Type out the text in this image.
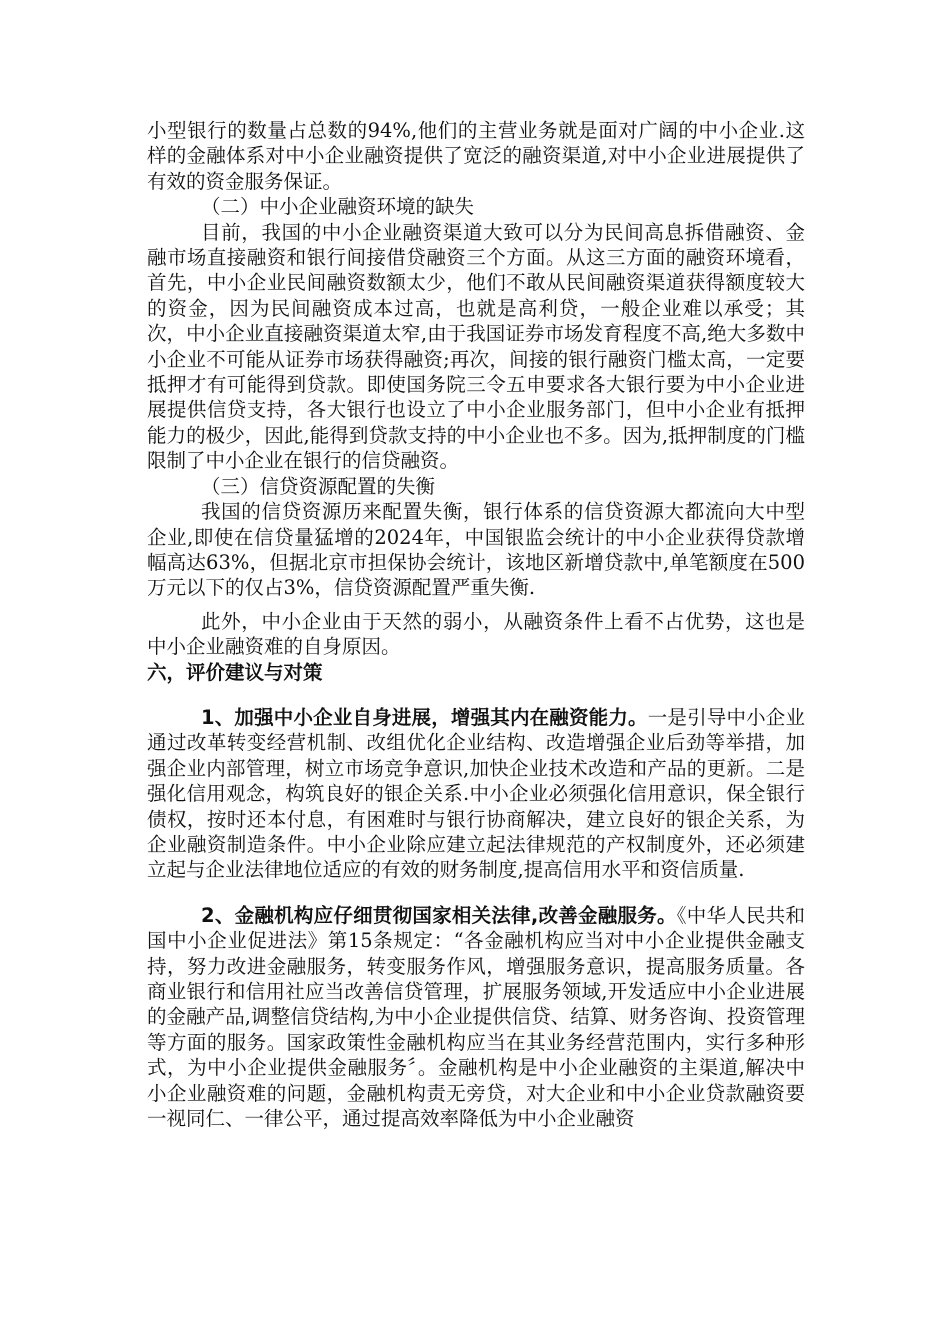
小型银行的数量占总数的94%,他们的主营业务就是面对广阔的中小企业.这样的金融体系对中小企业融资提供了宽泛的融资渠道,对中小企业进展提供了有效的资金服务保证。

（二）中小企业融资环境的缺失

目前，我国的中小企业融资渠道大致可以分为民间高息拆借融资、金融市场直接融资和银行间接借贷融资三个方面。从这三方面的融资环境看，首先，中小企业民间融资数额太少，他们不敢从民间融资渠道获得额度较大的资金，因为民间融资成本过高，也就是高利贷，一般企业难以承受；其次，中小企业直接融资渠道太窄,由于我国证券市场发育程度不高,绝大多数中小企业不可能从证券市场获得融资;再次，间接的银行融资门槛太高，一定要抵押才有可能得到贷款。即使国务院三令五申要求各大银行要为中小企业进展提供信贷支持，各大银行也设立了中小企业服务部门，但中小企业有抵押能力的极少，因此,能得到贷款支持的中小企业也不多。因为,抵押制度的门槛限制了中小企业在银行的信贷融资。

（三）信贷资源配置的失衡

我国的信贷资源历来配置失衡，银行体系的信贷资源大都流向大中型企业,即使在信贷量猛增的2024年，中国银监会统计的中小企业获得贷款增幅高达63%，但据北京市担保协会统计，该地区新增贷款中,单笔额度在500万元以下的仅占3%，信贷资源配置严重失衡.

此外，中小企业由于天然的弱小，从融资条件上看不占优势，这也是中小企业融资难的自身原因。

六，评价建议与对策

1、加强中小企业自身进展，增强其内在融资能力。一是引导中小企业通过改革转变经营机制、改组优化企业结构、改造增强企业后劲等举措，加强企业内部管理，树立市场竞争意识,加快企业技术改造和产品的更新。二是强化信用观念，构筑良好的银企关系.中小企业必须强化信用意识，保全银行债权，按时还本付息，有困难时与银行协商解决，建立良好的银企关系，为企业融资制造条件。中小企业除应建立起法律规范的产权制度外，还必须建立起与企业法律地位适应的有效的财务制度,提高信用水平和资信质量.

2、金融机构应仔细贯彻国家相关法律,改善金融服务。《中华人民共和国中小企业促进法》第15条规定：“各金融机构应当对中小企业提供金融支持，努力改进金融服务，转变服务作风，增强服务意识，提高服务质量。各商业银行和信用社应当改善信贷管理，扩展服务领域,开发适应中小企业进展的金融产品,调整信贷结构,为中小企业提供信贷、结算、财务咨询、投资管理等方面的服务。国家政策性金融机构应当在其业务经营范围内，实行多种形式，为中小企业提供金融服务〞。金融机构是中小企业融资的主渠道,解决中小企业融资难的问题，金融机构责无旁贷，对大企业和中小企业贷款融资要一视同仁、一律公平，通过提高效率降低为中小企业融资
